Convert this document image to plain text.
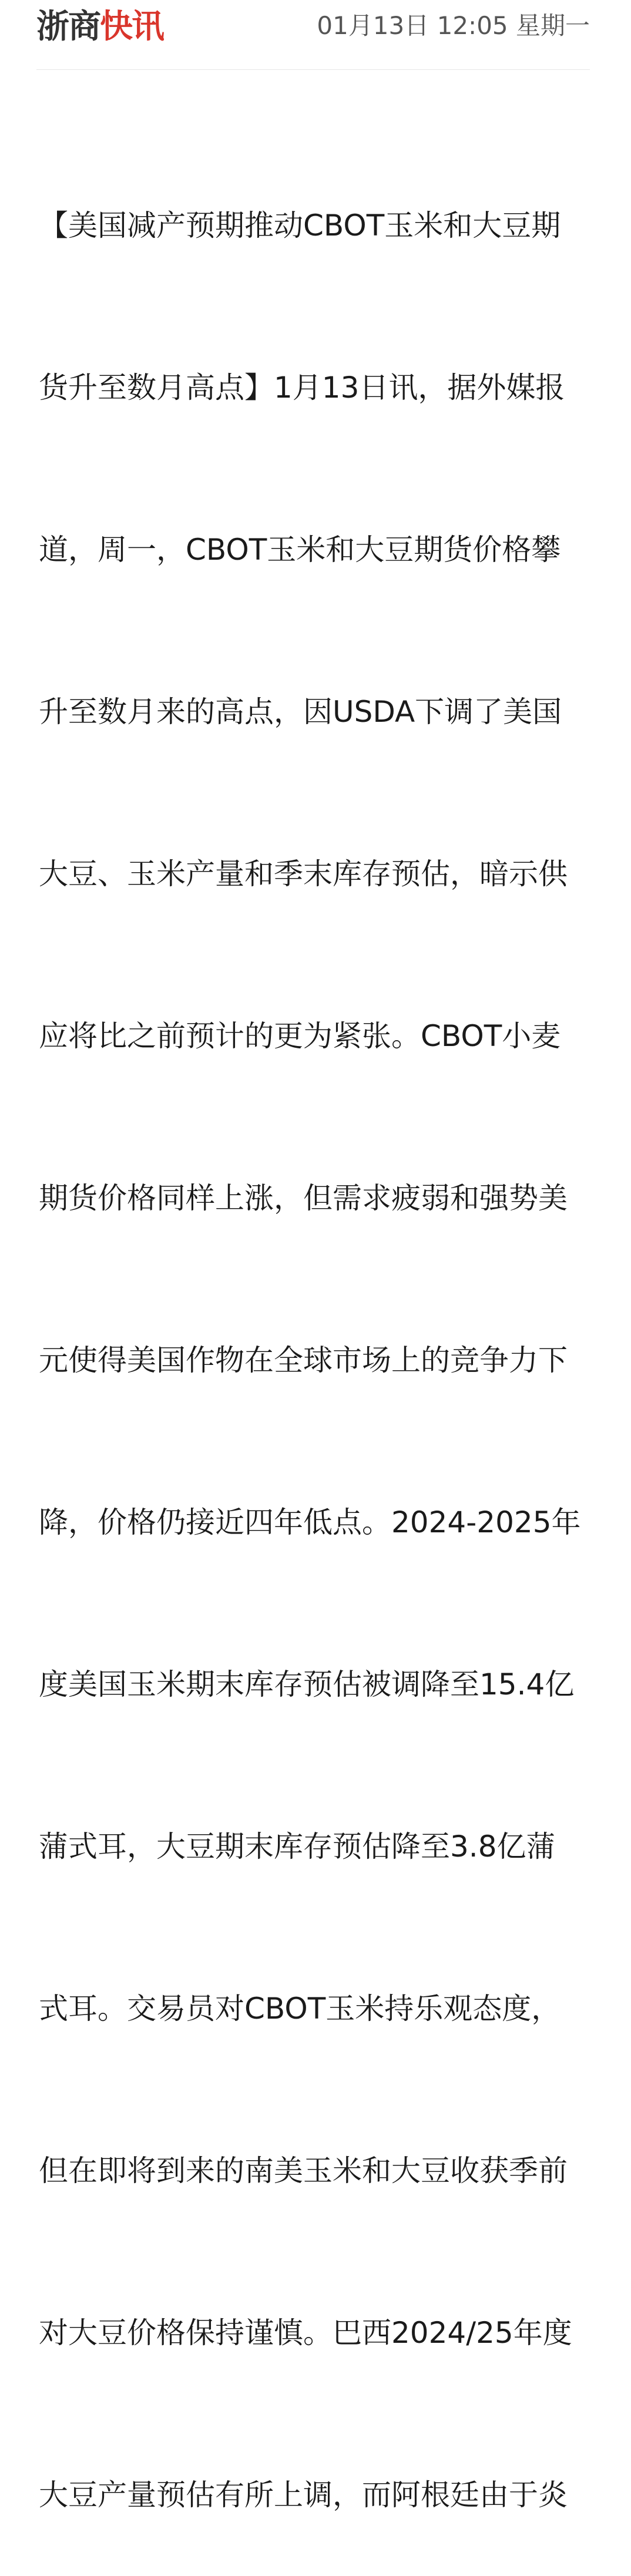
浙商快讯	01月13日 12:05 星期一

【美国减产预期推动CBOT玉米和大豆期

货升至数月高点】1月13日讯，据外媒报

道，周一，CBOT玉米和大豆期货价格攀

升至数月来的高点，因USDA下调了美国

大豆、玉米产量和季末库存预估，暗示供

应将比之前预计的更为紧张。CBOT小麦

期货价格同样上涨，但需求疲弱和强势美

元使得美国作物在全球市场上的竞争力下

降，价格仍接近四年低点。2024-2025年

度美国玉米期末库存预估被调降至15.4亿

蒲式耳，大豆期末库存预估降至3.8亿蒲

式耳。交易员对CBOT玉米持乐观态度，

但在即将到来的南美玉米和大豆收获季前

对大豆价格保持谨慎。巴西2024/25年度

大豆产量预估有所上调，而阿根廷由于炎
